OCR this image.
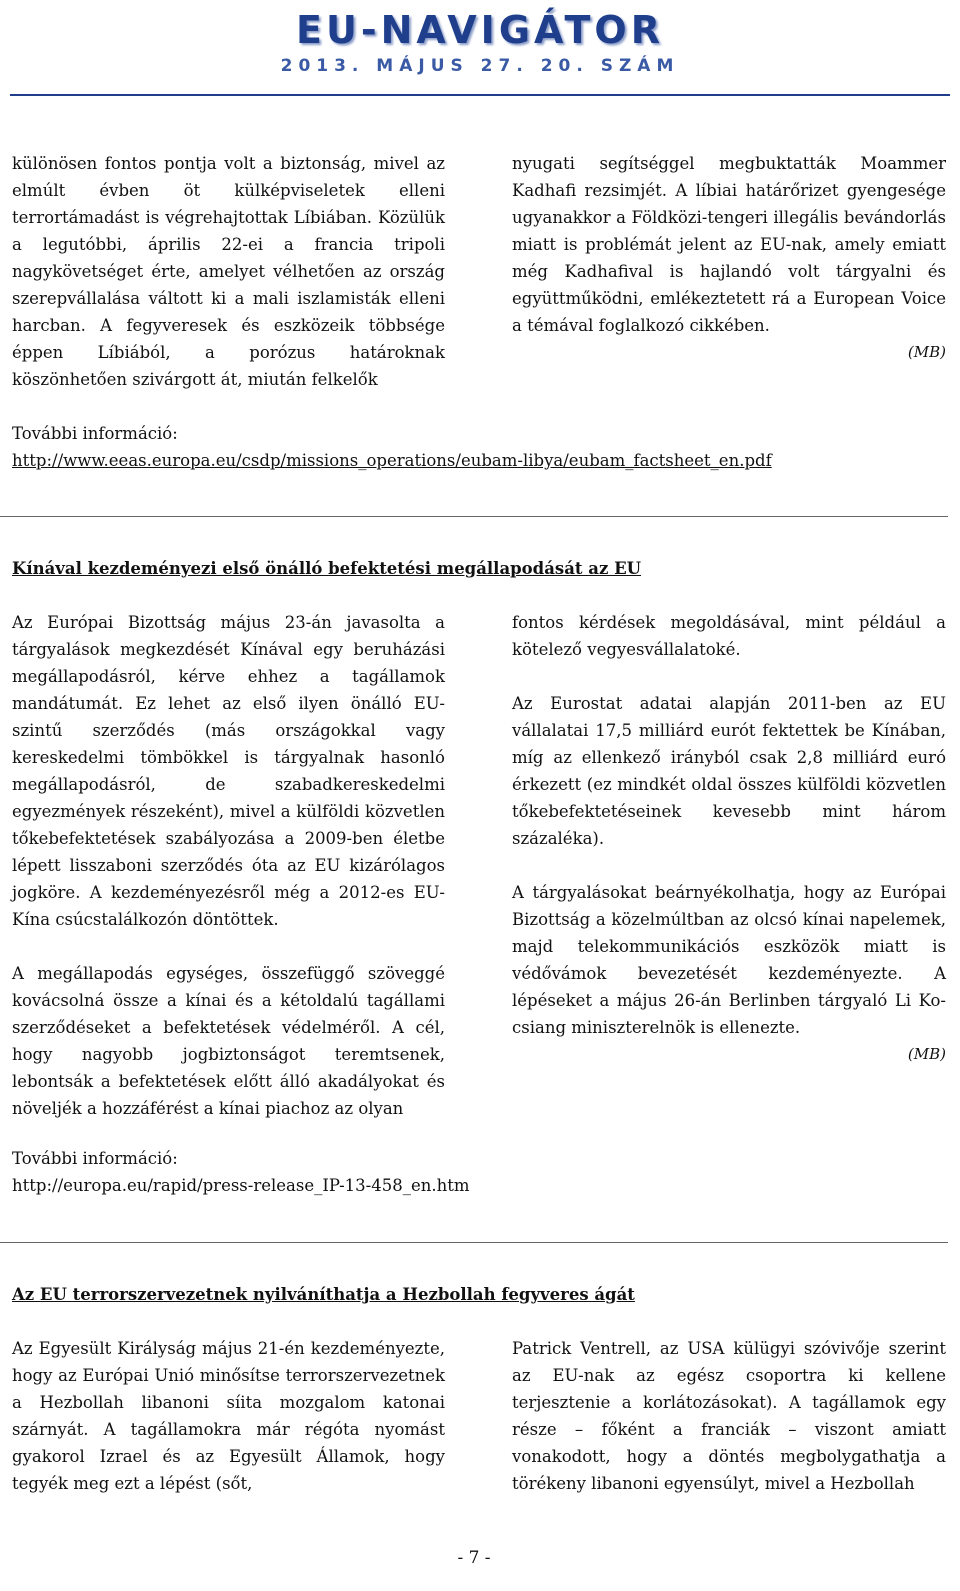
EU-NAVIGÁTOR
2013. MÁJUS 27. 20. SZÁM

különösen fontos pontja volt a biztonság, mivel az elmúlt évben öt külképviseletek elleni terrortámadást is végrehajtottak Líbiában. Közülük a legutóbbi, április 22-ei a francia tripoli nagykövetséget érte, amelyet vélhetően az ország szerepvállalása váltott ki a mali iszlamisták elleni harcban. A fegyveresek és eszközeik többsége éppen Líbiából, a porózus határoknak köszönhetően szivárgott át, miután felkelők

nyugati segítséggel megbuktatták Moammer Kadhafi rezsimjét. A líbiai határőrizet gyengesége ugyanakkor a Földközi-tengeri illegális bevándorlás miatt is problémát jelent az EU-nak, amely emiatt még Kadhafival is hajlandó volt tárgyalni és együttműködni, emlékeztetett rá a European Voice a témával foglalkozó cikkében.

(MB)
További információ:
http://www.eeas.europa.eu/csdp/missions_operations/eubam-libya/eubam_factsheet_en.pdf
Kínával kezdeményezi első önálló befektetési megállapodását az EU

Az Európai Bizottság május 23-án javasolta a tárgyalások megkezdését Kínával egy beruházási megállapodásról, kérve ehhez a tagállamok mandátumát. Ez lehet az első ilyen önálló EU-szintű szerződés (más országokkal vagy kereskedelmi tömbökkel is tárgyalnak hasonló megállapodásról, de szabadkereskedelmi egyezmények részeként), mivel a külföldi közvetlen tőkebefektetések szabályozása a 2009-ben életbe lépett lisszaboni szerződés óta az EU kizárólagos jogköre. A kezdeményezésről még a 2012-es EU-Kína csúcstalálkozón döntöttek.

A megállapodás egységes, összefüggő szöveggé kovácsolná össze a kínai és a kétoldalú tagállami szerződéseket a befektetések védelméről. A cél, hogy nagyobb jogbiztonságot teremtsenek, lebontsák a befektetések előtt álló akadályokat és növeljék a hozzáférést a kínai piachoz az olyan

fontos kérdések megoldásával, mint például a kötelező vegyesvállalatoké.

Az Eurostat adatai alapján 2011-ben az EU vállalatai 17,5 milliárd eurót fektettek be Kínában, míg az ellenkező irányból csak 2,8 milliárd euró érkezett (ez mindkét oldal összes külföldi közvetlen tőkebefektetéseinek kevesebb mint három százaléka).

A tárgyalásokat beárnyékolhatja, hogy az Európai Bizottság a közelmúltban az olcsó kínai napelemek, majd telekommunikációs eszközök miatt is védővámok bevezetését kezdeményezte. A lépéseket a május 26-án Berlinben tárgyaló Li Ko-csiang miniszterelnök is ellenezte.

(MB)
További információ:
http://europa.eu/rapid/press-release_IP-13-458_en.htm
Az EU terrorszervezetnek nyilváníthatja a Hezbollah fegyveres ágát

Az Egyesült Királyság május 21-én kezdeményezte, hogy az Európai Unió minősítse terrorszervezetnek a Hezbollah libanoni síita mozgalom katonai szárnyát. A tagállamokra már régóta nyomást gyakorol Izrael és az Egyesült Államok, hogy tegyék meg ezt a lépést (sőt,

Patrick Ventrell, az USA külügyi szóvivője szerint az EU-nak az egész csoportra ki kellene terjesztenie a korlátozásokat). A tagállamok egy része – főként a franciák – viszont amiatt vonakodott, hogy a döntés megbolygathatja a törékeny libanoni egyensúlyt, mivel a Hezbollah

- 7 -
